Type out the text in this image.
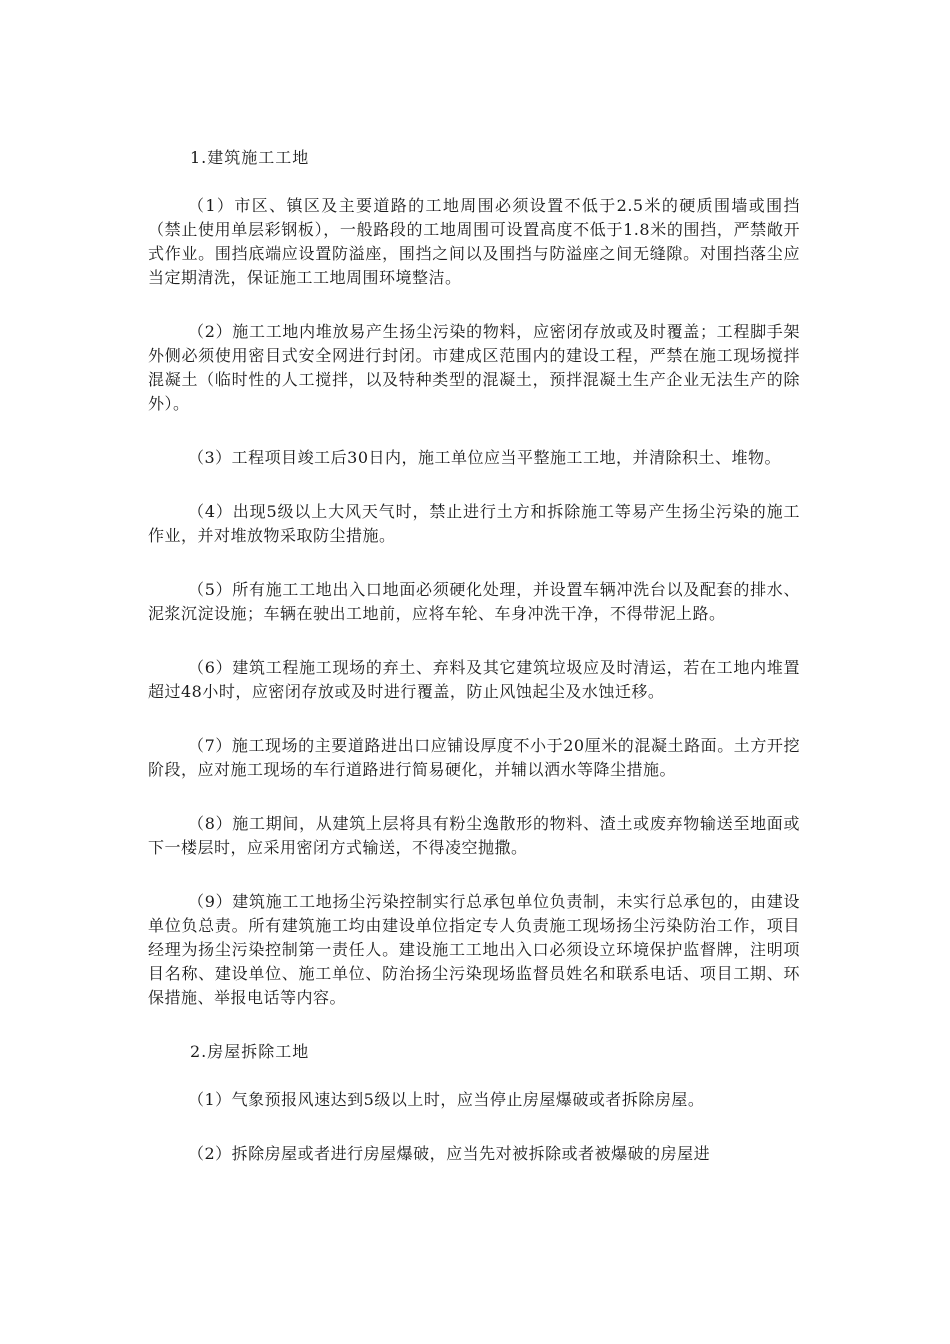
1.建筑施工工地

（1）市区、镇区及主要道路的工地周围必须设置不低于2.5米的硬质围墙或围挡（禁止使用单层彩钢板），一般路段的工地周围可设置高度不低于1.8米的围挡，严禁敞开式作业。围挡底端应设置防溢座，围挡之间以及围挡与防溢座之间无缝隙。对围挡落尘应当定期清洗，保证施工工地周围环境整洁。

（2）施工工地内堆放易产生扬尘污染的物料，应密闭存放或及时覆盖；工程脚手架外侧必须使用密目式安全网进行封闭。市建成区范围内的建设工程，严禁在施工现场搅拌混凝土（临时性的人工搅拌，以及特种类型的混凝土，预拌混凝土生产企业无法生产的除外）。

（3）工程项目竣工后30日内，施工单位应当平整施工工地，并清除积土、堆物。

（4）出现5级以上大风天气时，禁止进行土方和拆除施工等易产生扬尘污染的施工作业，并对堆放物采取防尘措施。

（5）所有施工工地出入口地面必须硬化处理，并设置车辆冲洗台以及配套的排水、泥浆沉淀设施；车辆在驶出工地前，应将车轮、车身冲洗干净，不得带泥上路。

（6）建筑工程施工现场的弃土、弃料及其它建筑垃圾应及时清运，若在工地内堆置超过48小时，应密闭存放或及时进行覆盖，防止风蚀起尘及水蚀迁移。

（7）施工现场的主要道路进出口应铺设厚度不小于20厘米的混凝土路面。土方开挖阶段，应对施工现场的车行道路进行简易硬化，并辅以洒水等降尘措施。

（8）施工期间，从建筑上层将具有粉尘逸散形的物料、渣土或废弃物输送至地面或下一楼层时，应采用密闭方式输送，不得凌空抛撒。

（9）建筑施工工地扬尘污染控制实行总承包单位负责制，未实行总承包的，由建设单位负总责。所有建筑施工均由建设单位指定专人负责施工现场扬尘污染防治工作，项目经理为扬尘污染控制第一责任人。建设施工工地出入口必须设立环境保护监督牌，注明项目名称、建设单位、施工单位、防治扬尘污染现场监督员姓名和联系电话、项目工期、环保措施、举报电话等内容。

2.房屋拆除工地

（1）气象预报风速达到5级以上时，应当停止房屋爆破或者拆除房屋。

（2）拆除房屋或者进行房屋爆破，应当先对被拆除或者被爆破的房屋进
